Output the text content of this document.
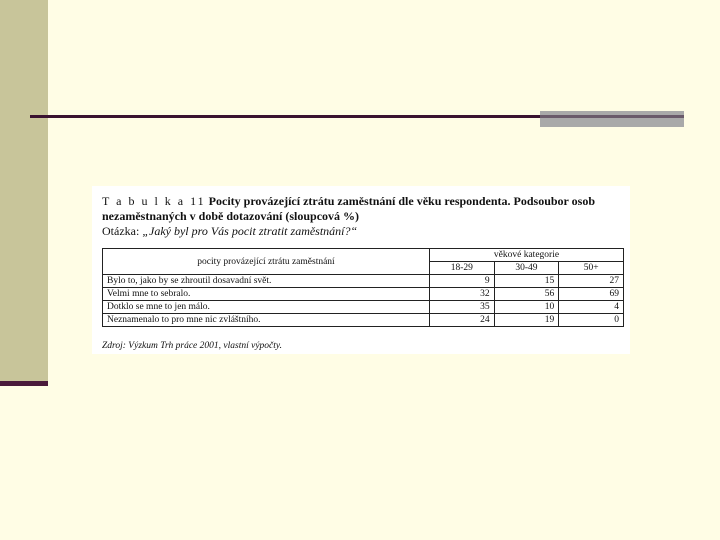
T a b u l k a 11 Pocity provázející ztrátu zaměstnání dle věku respondenta. Podsoubor osob nezaměstnaných v době dotazování (sloupcová %)
Otázka: „Jaký byl pro Vás pocit ztratit zaměstnání?“
pocity provázející ztrátu zaměstnání	věkové kategorie		
	18-29	30-49	50+
Bylo to, jako by se zhroutil dosavadní svět.	9	15	27
Velmi mne to sebralo.	32	56	69
Dotklo se mne to jen málo.	35	10	4
Neznamenalo to pro mne nic zvláštního.	24	19	0
Zdroj: Výzkum Trh práce 2001, vlastní výpočty.
